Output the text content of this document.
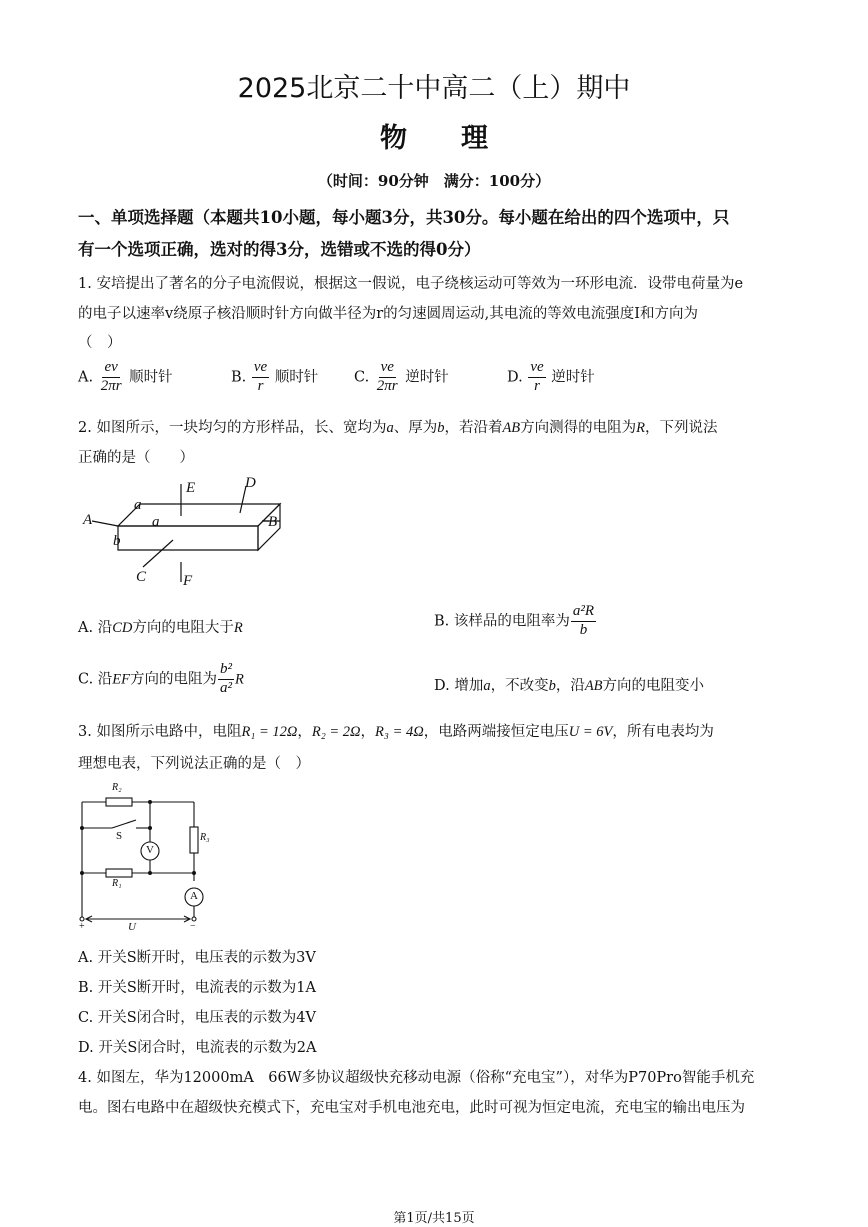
2025北京二十中高二（上）期中
物　　理
（时间：90分钟　满分：100分）
一、单项选择题（本题共10小题，每小题3分，共30分。每小题在给出的四个选项中，只
有一个选项正确，选对的得3分，选错或不选的得0分）
1. 安培提出了著名的分子电流假说，根据这一假说，电子绕核运动可等效为一环形电流．设带电荷量为e
的电子以速率v绕原子核沿顺时针方向做半径为r的匀速圆周运动,其电流的等效电流强度I和方向为
（　）
A. $\frac{ev}{2\pi r}$ 顺时针	B. $\frac{ve}{r}$ 顺时针 C. $\frac{ve}{2\pi r}$ 逆时针	D. $\frac{ve}{r}$ 逆时针
2. 如图所示，一块均匀的方形样品，长、宽均为a、厚为b，若沿着AB方向测得的电阻为R，下列说法
正确的是（　　）
A	B
C
D
E
F
a
a
b
A. 沿CD方向的电阻大于R	B. 该样品的电阻率为 $\frac{\text{a²R}}{b}$
C. 沿EF方向的电阻为 $\frac{\text{b²}}{\text{a²}}$ R	D. 增加a，不改变b，沿AB方向的电阻变小
3. 如图所示电路中，电阻R₁ = 12Ω，R₂ = 2Ω，R₃ = 4Ω，电路两端接恒定电压U = 6V，所有电表均为
理想电表，下列说法正确的是（　）
R₂
R₃
R₁
S
V
A
U
+	−
A. 开关S断开时，电压表的示数为3V
B. 开关S断开时，电流表的示数为1A
C. 开关S闭合时，电压表的示数为4V
D. 开关S闭合时，电流表的示数为2A
4. 如图左，华为12000mA　66W多协议超级快充移动电源（俗称“充电宝”），对华为P70Pro智能手机充
电。图右电路中在超级快充模式下，充电宝对手机电池充电，此时可视为恒定电流，充电宝的输出电压为
第1页/共15页
